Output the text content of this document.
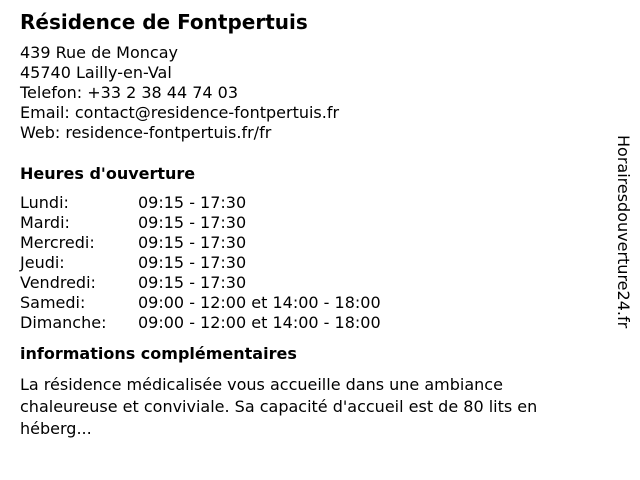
Résidence de Fontpertuis
439 Rue de Moncay
45740 Lailly-en-Val
Telefon: +33 2 38 44 74 03
Email: contact@residence-fontpertuis.fr
Web: residence-fontpertuis.fr/fr
Heures d'ouverture
Lundi:	09:15 - 17:30
Mardi:	09:15 - 17:30
Mercredi:	09:15 - 17:30
Jeudi:	09:15 - 17:30
Vendredi:	09:15 - 17:30
Samedi:	09:00 - 12:00 et 14:00 - 18:00
Dimanche:	09:00 - 12:00 et 14:00 - 18:00
informations complémentaires
La résidence médicalisée vous accueille dans une ambiance chaleureuse et conviviale. Sa capacité d'accueil est de 80 lits en héberg...
Horairesdouverture24.fr
